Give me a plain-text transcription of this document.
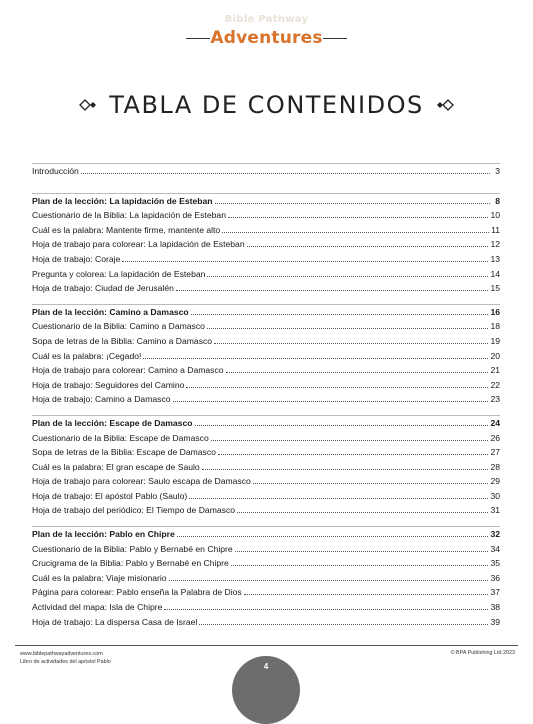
Bible Pathway
Adventures
TABLA DE CONTENIDOS
Introducción	3
Plan de la lección: La lapidación de Esteban	8
Cuestionario de la Biblia: La lapidación de Esteban	10
Cuál es la palabra: Mantente firme, mantente alto	11
Hoja de trabajo para colorear: La lapidación de Esteban	12
Hoja de trabajo: Coraje	13
Pregunta y colorea: La lapidación de Esteban	14
Hoja de trabajo: Ciudad de Jerusalén	15
Plan de la lección: Camino a Damasco	16
Cuestionario de la Biblia: Camino a Damasco	18
Sopa de letras de la Biblia: Camino a Damasco	19
Cuál es la palabra: ¡Cegado!	20
Hoja de trabajo para colorear: Camino a Damasco	21
Hoja de trabajo: Seguidores del Camino	22
Hoja de trabajo: Camino a Damasco	23
Plan de la lección: Escape de Damasco	24
Cuestionario de la Biblia: Escape de Damasco	26
Sopa de letras de la Biblia: Escape de Damasco	27
Cuál es la palabra: El gran escape de Saulo	28
Hoja de trabajo para colorear: Saulo escapa de Damasco	29
Hoja de trabajo: El apóstol Pablo (Saulo)	30
Hoja de trabajo del periódico: El Tiempo de Damasco	31
Plan de la lección: Pablo en Chipre	32
Cuestionario de la Biblia: Pablo y Bernabé en Chipre	34
Crucigrama de la Biblia: Pablo y Bernabé en Chipre	35
Cuál es la palabra: Viaje misionario	36
Página para colorear: Pablo enseña la Palabra de Dios	37
Actividad del mapa: Isla de Chipre	38
Hoja de trabajo: La dispersa Casa de Israel	39
www.biblepathwayadventures.com
Libro de actividades del apóstol Pablo
© BPA Publishing Ltd 2023
4
